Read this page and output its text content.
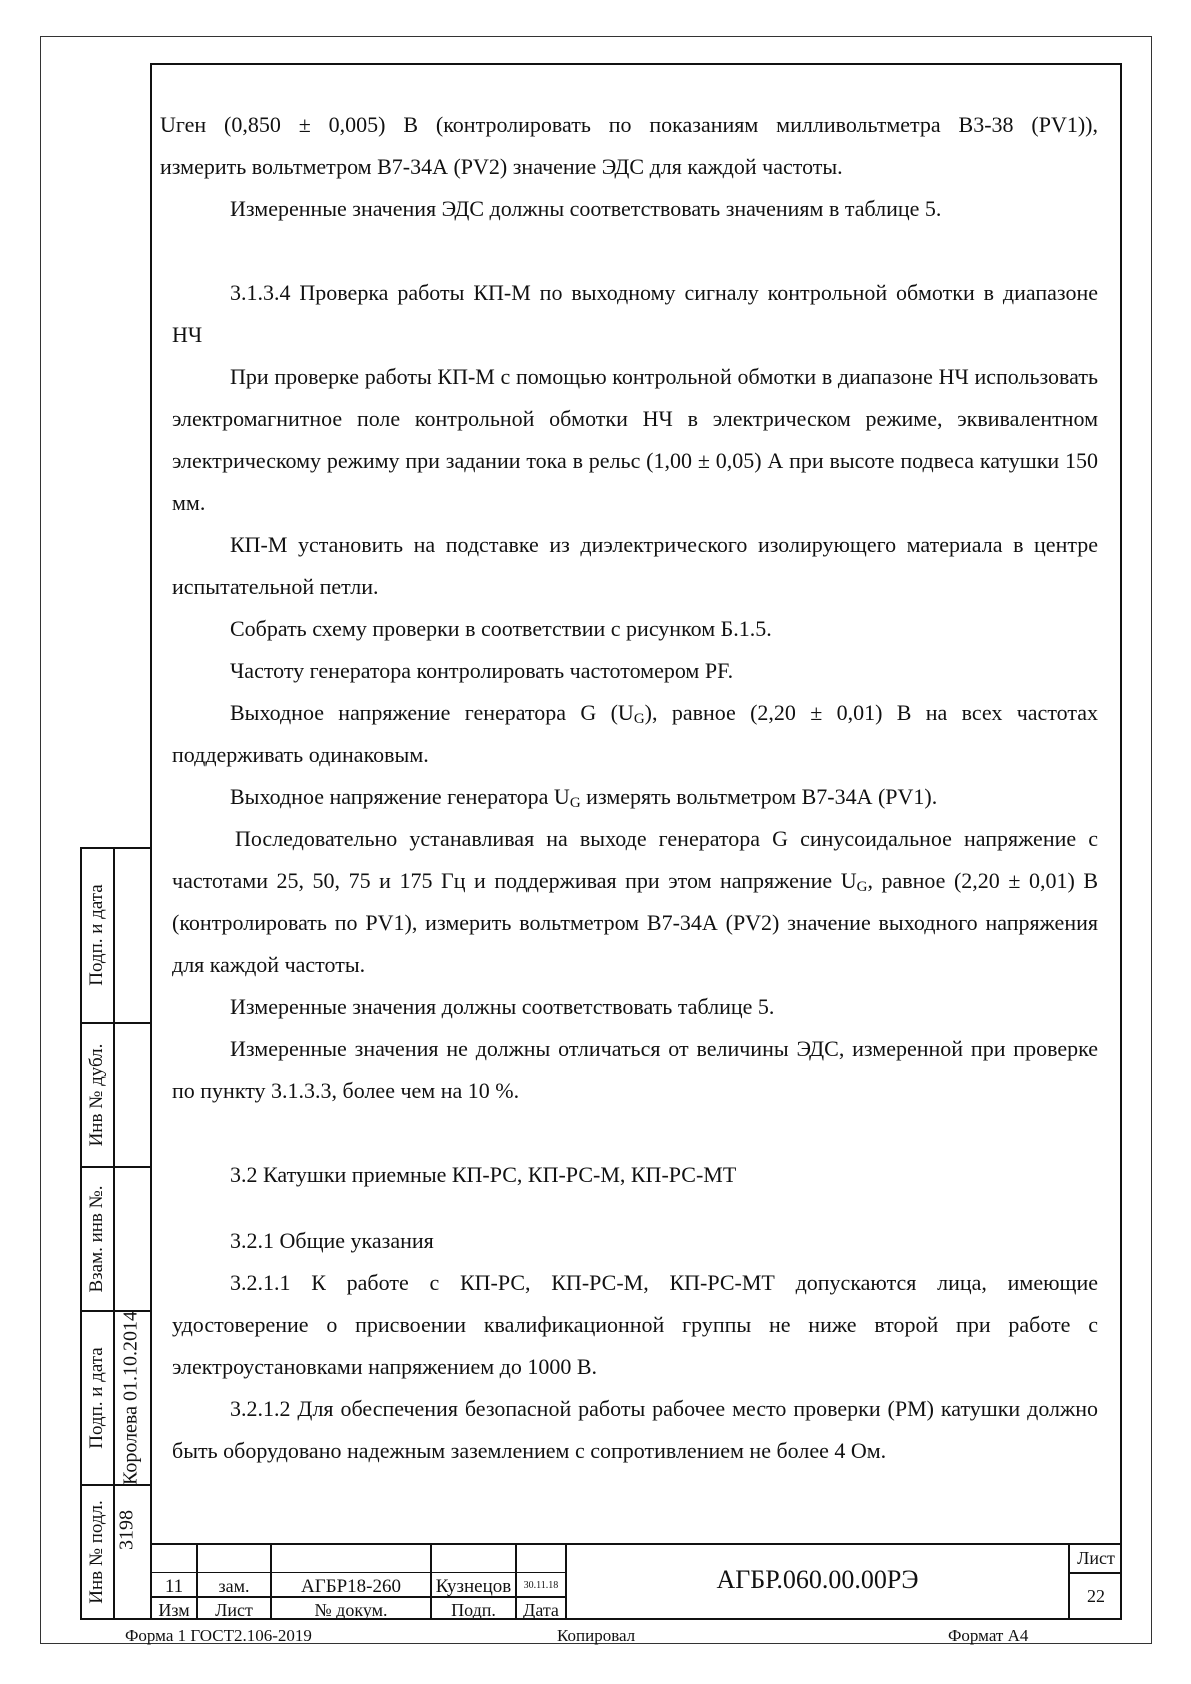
Uген (0,850 ± 0,005) В (контролировать по показаниям милливольтметра В3-38 (PV1)),

измерить вольтметром В7-34А (PV2) значение ЭДС для каждой частоты.

Измеренные значения ЭДС должны соответствовать значениям в таблице 5.

3.1.3.4 Проверка работы КП-М по выходному сигналу контрольной обмотки в диапазоне НЧ

При проверке работы КП-М с помощью контрольной обмотки в диапазоне НЧ использовать электромагнитное поле контрольной обмотки НЧ в электрическом режиме, эквивалентном электрическому режиму при задании тока в рельс (1,00 ± 0,05) А при высоте подвеса катушки 150 мм.

КП-М установить на подставке из диэлектрического изолирующего материала в центре испытательной петли.

Собрать схему проверки в соответствии с рисунком Б.1.5.

Частоту генератора контролировать частотомером PF.

Выходное напряжение генератора G $(U_G)$, равное (2,20 ± 0,01) В на всех частотах поддерживать одинаковым.

Выходное напряжение генератора $U_G$ измерять вольтметром В7-34А (PV1).

Последовательно устанавливая на выходе генератора G синусоидальное напряжение с частотами 25, 50, 75 и 175 Гц и поддерживая при этом напряжение $U_G$, равное (2,20 ± 0,01) В (контролировать по PV1), измерить вольтметром В7-34А (PV2) значение выходного напряжения для каждой частоты.

Измеренные значения должны соответствовать таблице 5.

Измеренные значения не должны отличаться от величины ЭДС, измеренной при проверке по пункту 3.1.3.3, более чем на 10 %.

3.2 Катушки приемные КП-РС, КП-РС-М, КП-РС-МТ

3.2.1 Общие указания

3.2.1.1 К работе с КП-РС, КП-РС-М, КП-РС-МТ допускаются лица, имеющие удостоверение о присвоении квалификационной группы не ниже второй при работе с электроустановками напряжением до 1000 В.

3.2.1.2 Для обеспечения безопасной работы рабочее место проверки (РМ) катушки должно быть оборудовано надежным заземлением с сопротивлением не более 4 Ом.

Подп. и дата
Инв № дубл.
Взам. инв №.
Подп. и дата Королева 01.10.2014
Инв № подл. 3198
11	зам.	АГБР18-260	Кузнецов	30.11.18
Изм	Лист	№ докум.	Подп.	Дата
АГБР.060.00.00РЭ
Лист
22
Форма 1 ГОСТ2.106-2019	Копировал	Формат А4
